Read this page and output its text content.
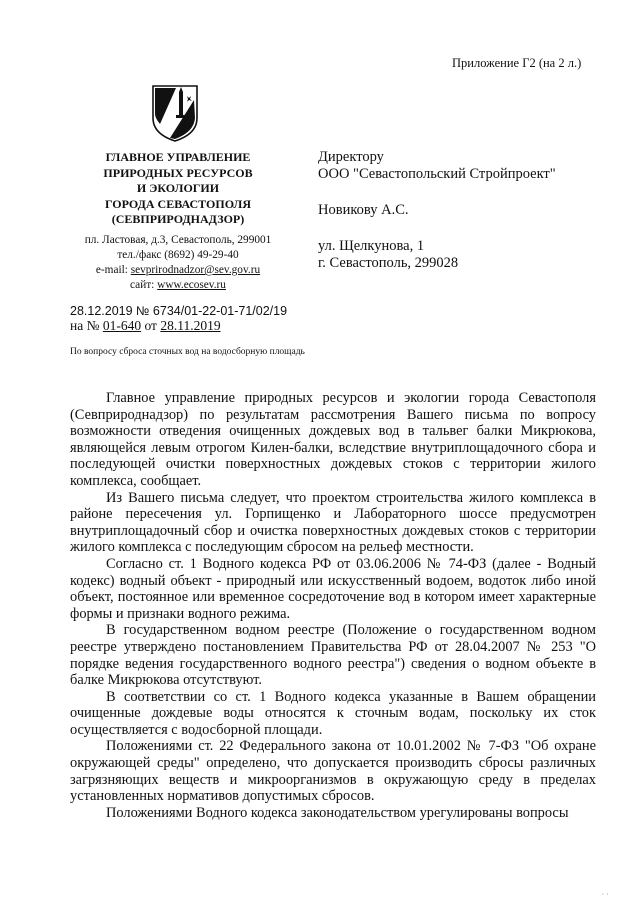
Приложение Г2 (на 2 л.)
ГЛАВНОЕ УПРАВЛЕНИЕ
ПРИРОДНЫХ РЕСУРСОВ
И ЭКОЛОГИИ
ГОРОДА СЕВАСТОПОЛЯ
(СЕВПРИРОДНАДЗОР)
пл. Ластовая, д.3, Севастополь, 299001
тел./факс (8692) 49-29-40
e-mail: sevprirodnadzor@sev.gov.ru
сайт: www.ecosev.ru
Директору
ООО "Севастопольский Стройпроект"
Новикову А.С.
ул. Щелкунова, 1
г. Севастополь, 299028
28.12.2019 № 6734/01-22-01-71/02/19
на № 01-640 от 28.11.2019
По вопросу сброса сточных вод на водосборную площадь

Главное управление природных ресурсов и экологии города Севастополя (Севприроднадзор) по результатам рассмотрения Вашего письма по вопросу возможности отведения очищенных дождевых вод в тальвег балки Микрюкова, являющейся левым отрогом Килен-балки, вследствие внутриплощадочного сбора и последующей очистки поверхностных дождевых стоков с территории жилого комплекса, сообщает.

Из Вашего письма следует, что проектом строительства жилого комплекса в районе пересечения ул. Горпищенко и Лабораторного шоссе предусмотрен внутриплощадочный сбор и очистка поверхностных дождевых стоков с территории жилого комплекса с последующим сбросом на рельеф местности.

Согласно ст. 1 Водного кодекса РФ от 03.06.2006 № 74-ФЗ (далее - Водный кодекс) водный объект - природный или искусственный водоем, водоток либо иной объект, постоянное или временное сосредоточение вод в котором имеет характерные формы и признаки водного режима.

В государственном водном реестре (Положение о государственном водном реестре утверждено постановлением Правительства РФ от 28.04.2007 № 253 "О порядке ведения государственного водного реестра") сведения о водном объекте в балке Микрюкова отсутствуют.

В соответствии со ст. 1 Водного кодекса указанные в Вашем обращении очищенные дождевые воды относятся к сточным водам, поскольку их сток осуществляется с водосборной площади.

Положениями ст. 22 Федерального закона от 10.01.2002 № 7-ФЗ "Об охране окружающей среды" определено, что допускается производить сбросы различных загрязняющих веществ и микроорганизмов в окружающую среду в пределах установленных нормативов допустимых сбросов.

Положениями Водного кодекса законодательством урегулированы вопросы

· ·
